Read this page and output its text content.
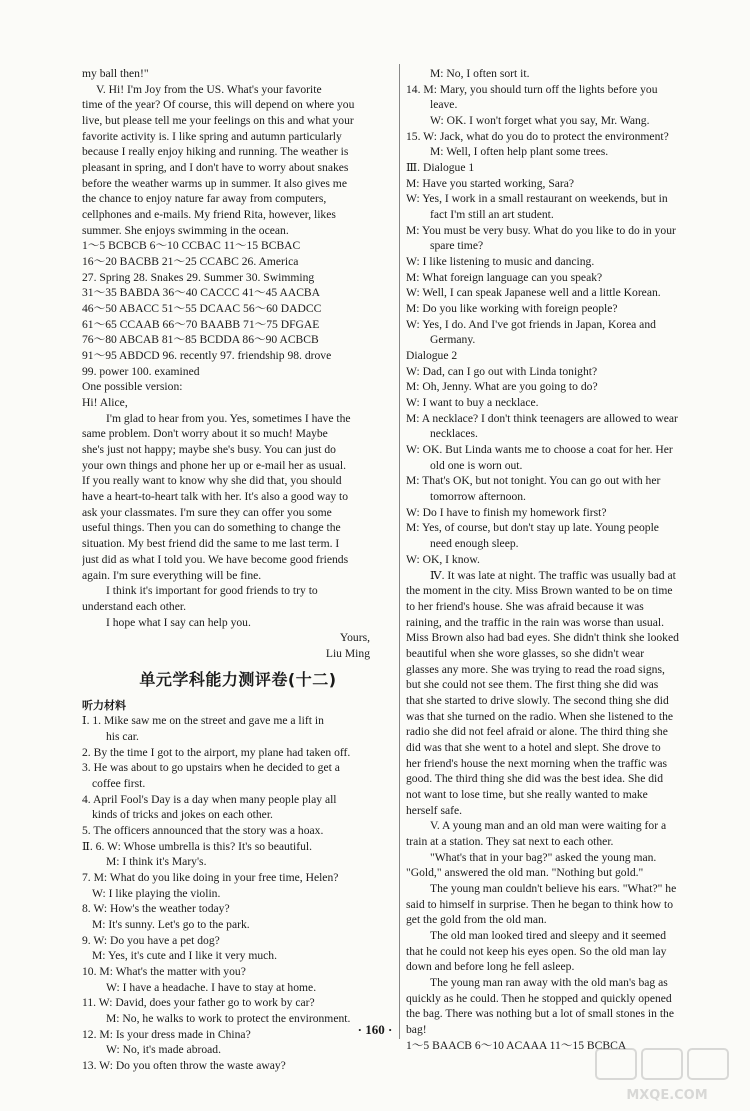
my ball then!"
V. Hi! I'm Joy from the US. What's your favorite
time of the year? Of course, this will depend on where you
live, but please tell me your feelings on this and what your
favorite activity is. I like spring and autumn particularly
because I really enjoy hiking and running. The weather is
pleasant in spring, and I don't have to worry about snakes
before the weather warms up in summer. It also gives me
the chance to enjoy nature far away from computers,
cellphones and e-mails. My friend Rita, however, likes
summer. She enjoys swimming in the ocean.
1～5 BCBCB 6～10 CCBAC 11～15 BCBAC
16～20 BACBB 21～25 CCABC 26. America
27. Spring 28. Snakes 29. Summer 30. Swimming
31～35 BABDA 36～40 CACCC 41～45 AACBA
46～50 ABACC 51～55 DCAAC 56～60 DADCC
61～65 CCAAB 66～70 BAABB 71～75 DFGAE
76～80 ABCAB 81～85 BCDDA 86～90 ACBCB
91～95 ABDCD 96. recently 97. friendship 98. drove
99. power 100. examined
One possible version:
Hi! Alice,
I'm glad to hear from you. Yes, sometimes I have the
same problem. Don't worry about it so much! Maybe
she's just not happy; maybe she's busy. You can just do
your own things and phone her up or e-mail her as usual.
If you really want to know why she did that, you should
have a heart-to-heart talk with her. It's also a good way to
ask your classmates. I'm sure they can offer you some
useful things. Then you can do something to change the
situation. My best friend did the same to me last term. I
just did as what I told you. We have become good friends
again. I'm sure everything will be fine.
I think it's important for good friends to try to
understand each other.
I hope what I say can help you.
Yours,
Liu Ming
单元学科能力测评卷(十二)
听力材料
Ⅰ. 1. Mike saw me on the street and gave me a lift in
his car.
2. By the time I got to the airport, my plane had taken off.
3. He was about to go upstairs when he decided to get a
coffee first.
4. April Fool's Day is a day when many people play all
kinds of tricks and jokes on each other.
5. The officers announced that the story was a hoax.
Ⅱ. 6. W: Whose umbrella is this? It's so beautiful.
M: I think it's Mary's.
7. M: What do you like doing in your free time, Helen?
W: I like playing the violin.
8. W: How's the weather today?
M: It's sunny. Let's go to the park.
9. W: Do you have a pet dog?
M: Yes, it's cute and I like it very much.
10. M: What's the matter with you?
W: I have a headache. I have to stay at home.
11. W: David, does your father go to work by car?
M: No, he walks to work to protect the environment.
12. M: Is your dress made in China?
W: No, it's made abroad.
13. W: Do you often throw the waste away?
M: No, I often sort it.
14. M: Mary, you should turn off the lights before you
leave.
W: OK. I won't forget what you say, Mr. Wang.
15. W: Jack, what do you do to protect the environment?
M: Well, I often help plant some trees.
Ⅲ. Dialogue 1
M: Have you started working, Sara?
W: Yes, I work in a small restaurant on weekends, but in
fact I'm still an art student.
M: You must be very busy. What do you like to do in your
spare time?
W: I like listening to music and dancing.
M: What foreign language can you speak?
W: Well, I can speak Japanese well and a little Korean.
M: Do you like working with foreign people?
W: Yes, I do. And I've got friends in Japan, Korea and
Germany.
Dialogue 2
W: Dad, can I go out with Linda tonight?
M: Oh, Jenny. What are you going to do?
W: I want to buy a necklace.
M: A necklace? I don't think teenagers are allowed to wear
necklaces.
W: OK. But Linda wants me to choose a coat for her. Her
old one is worn out.
M: That's OK, but not tonight. You can go out with her
tomorrow afternoon.
W: Do I have to finish my homework first?
M: Yes, of course, but don't stay up late. Young people
need enough sleep.
W: OK, I know.
Ⅳ. It was late at night. The traffic was usually bad at
the moment in the city. Miss Brown wanted to be on time
to her friend's house. She was afraid because it was
raining, and the traffic in the rain was worse than usual.
Miss Brown also had bad eyes. She didn't think she looked
beautiful when she wore glasses, so she didn't wear
glasses any more. She was trying to read the road signs,
but she could not see them. The first thing she did was
that she started to drive slowly. The second thing she did
was that she turned on the radio. When she listened to the
radio she did not feel afraid or alone. The third thing she
did was that she went to a hotel and slept. She drove to
her friend's house the next morning when the traffic was
good. The third thing she did was the best idea. She did
not want to lose time, but she really wanted to make
herself safe.
V. A young man and an old man were waiting for a
train at a station. They sat next to each other.
"What's that in your bag?" asked the young man.
"Gold," answered the old man. "Nothing but gold."
The young man couldn't believe his ears. "What?" he
said to himself in surprise. Then he began to think how to
get the gold from the old man.
The old man looked tired and sleepy and it seemed
that he could not keep his eyes open. So the old man lay
down and before long he fell asleep.
The young man ran away with the old man's bag as
quickly as he could. Then he stopped and quickly opened
the bag. There was nothing but a lot of small stones in the
bag!
1～5 BAACB 6～10 ACAAA 11～15 BCBCA
· 160 ·
MXQE.COM
